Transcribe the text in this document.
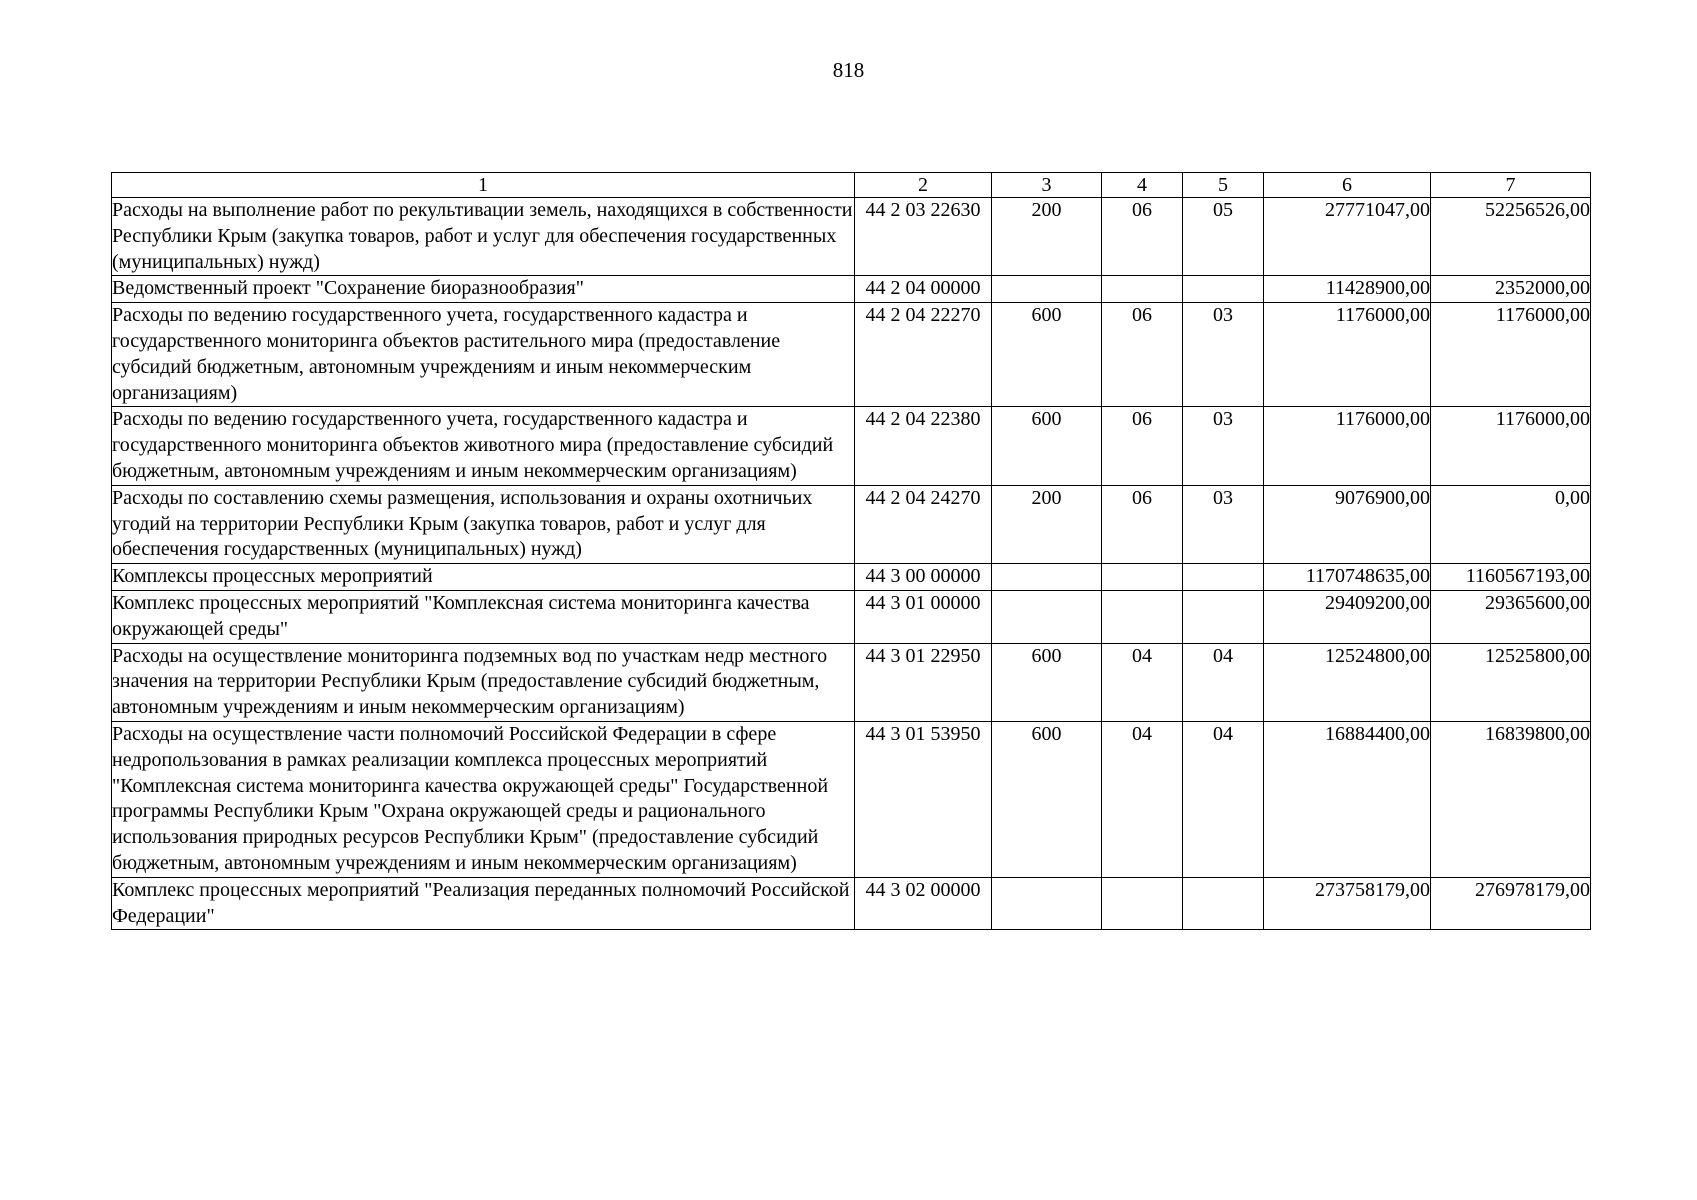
818
1	2	3	4	5	6	7
Расходы на выполнение работ по рекультивации земель, находящихся в собственности Республики Крым (закупка товаров, работ и услуг для обеспечения государственных (муниципальных) нужд)	44 2 03 22630	200	06	05	27771047,00	52256526,00
Ведомственный проект "Сохранение биоразнообразия"	44 2 04 00000				11428900,00	2352000,00
Расходы по ведению государственного учета, государственного кадастра и государственного мониторинга объектов растительного мира (предоставление субсидий бюджетным, автономным учреждениям и иным некоммерческим организациям)	44 2 04 22270	600	06	03	1176000,00	1176000,00
Расходы по ведению государственного учета, государственного кадастра и государственного мониторинга объектов животного мира (предоставление субсидий бюджетным, автономным учреждениям и иным некоммерческим организациям)	44 2 04 22380	600	06	03	1176000,00	1176000,00
Расходы по составлению схемы размещения, использования и охраны охотничьих угодий на территории Республики Крым (закупка товаров, работ и услуг для обеспечения государственных (муниципальных) нужд)	44 2 04 24270	200	06	03	9076900,00	0,00
Комплексы процессных мероприятий	44 3 00 00000				1170748635,00	1160567193,00
Комплекс процессных мероприятий "Комплексная система мониторинга качества окружающей среды"	44 3 01 00000				29409200,00	29365600,00
Расходы на осуществление мониторинга подземных вод по участкам недр местного значения на территории Республики Крым (предоставление субсидий бюджетным, автономным учреждениям и иным некоммерческим организациям)	44 3 01 22950	600	04	04	12524800,00	12525800,00
Расходы на осуществление части полномочий Российской Федерации в сфере недропользования в рамках реализации комплекса процессных мероприятий "Комплексная система мониторинга качества окружающей среды" Государственной программы Республики Крым "Охрана окружающей среды и рационального использования природных ресурсов Республики Крым" (предоставление субсидий бюджетным, автономным учреждениям и иным некоммерческим организациям)	44 3 01 53950	600	04	04	16884400,00	16839800,00
Комплекс процессных мероприятий "Реализация переданных полномочий Российской Федерации"	44 3 02 00000				273758179,00	276978179,00
